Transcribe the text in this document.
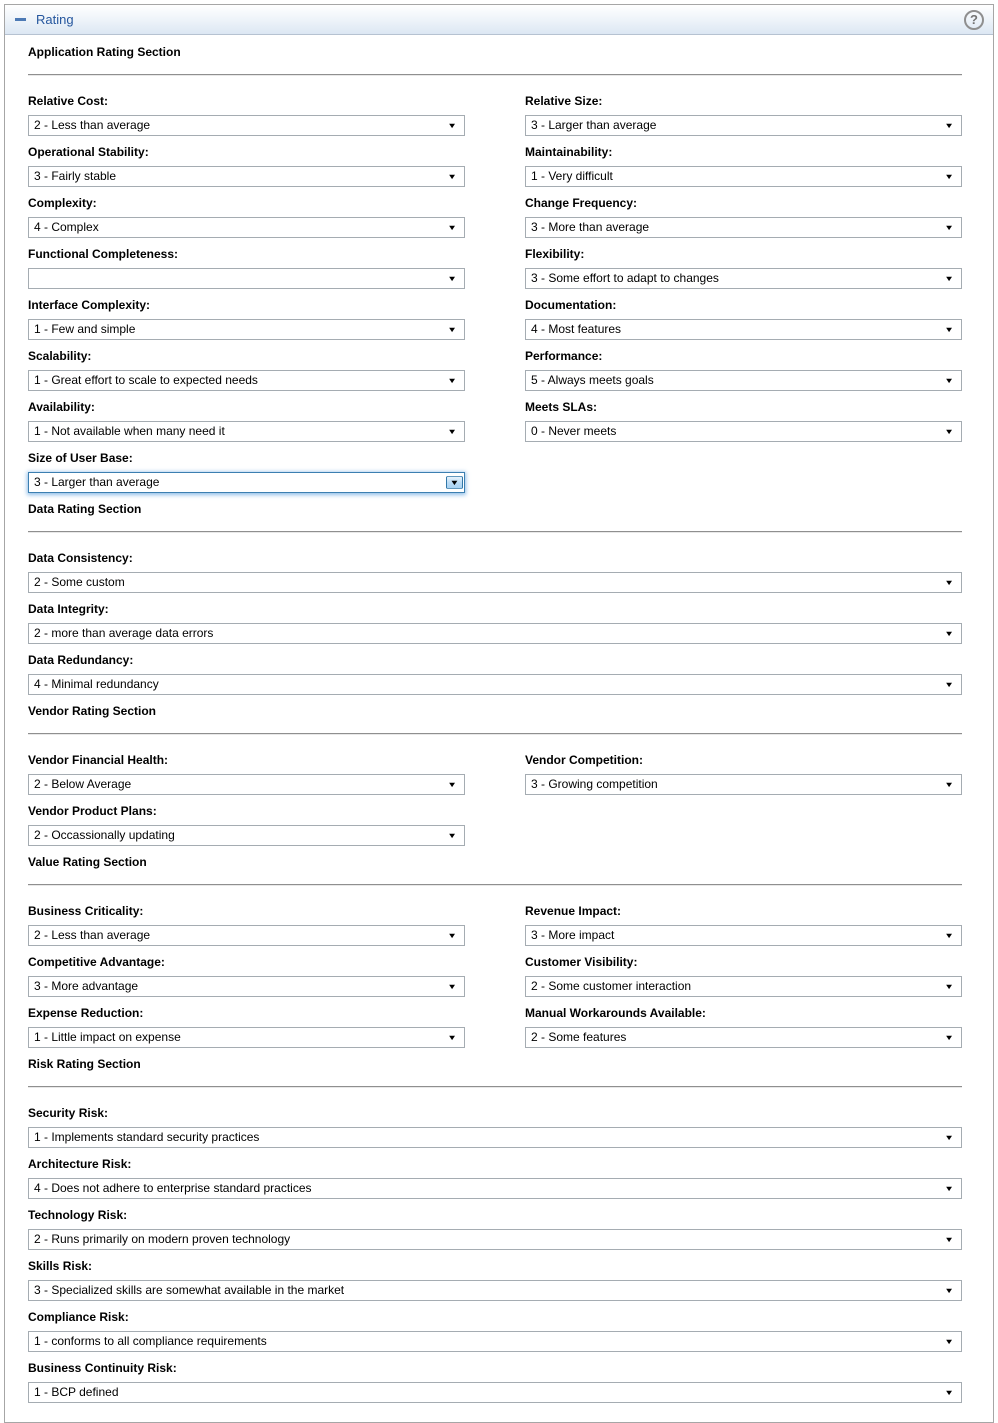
Rating	?
Application Rating Section
Relative Cost:
2 - Less than average	▼
Relative Size:
3 - Larger than average	▼
Operational Stability:
3 - Fairly stable	▼
Maintainability:
1 - Very difficult	▼
Complexity:
4 - Complex	▼
Change Frequency:
3 - More than average	▼
Functional Completeness:
▼
Flexibility:
3 - Some effort to adapt to changes	▼
Interface Complexity:
1 - Few and simple	▼
Documentation:
4 - Most features	▼
Scalability:
1 - Great effort to scale to expected needs	▼
Performance:
5 - Always meets goals	▼
Availability:
1 - Not available when many need it	▼
Meets SLAs:
0 - Never meets	▼
Size of User Base:
3 - Larger than average	▼
Data Rating Section
Data Consistency:
2 - Some custom	▼
Data Integrity:
2 - more than average data errors	▼
Data Redundancy:
4 - Minimal redundancy	▼
Vendor Rating Section
Vendor Financial Health:
2 - Below Average	▼
Vendor Competition:
3 - Growing competition	▼
Vendor Product Plans:
2 - Occassionally updating	▼
Value Rating Section
Business Criticality:
2 - Less than average	▼
Revenue Impact:
3 - More impact	▼
Competitive Advantage:
3 - More advantage	▼
Customer Visibility:
2 - Some customer interaction	▼
Expense Reduction:
1 - Little impact on expense	▼
Manual Workarounds Available:
2 - Some features	▼
Risk Rating Section
Security Risk:
1 - Implements standard security practices	▼
Architecture Risk:
4 - Does not adhere to enterprise standard practices	▼
Technology Risk:
2 - Runs primarily on modern proven technology	▼
Skills Risk:
3 - Specialized skills are somewhat available in the market	▼
Compliance Risk:
1 - conforms to all compliance requirements	▼
Business Continuity Risk:
1 - BCP defined	▼
